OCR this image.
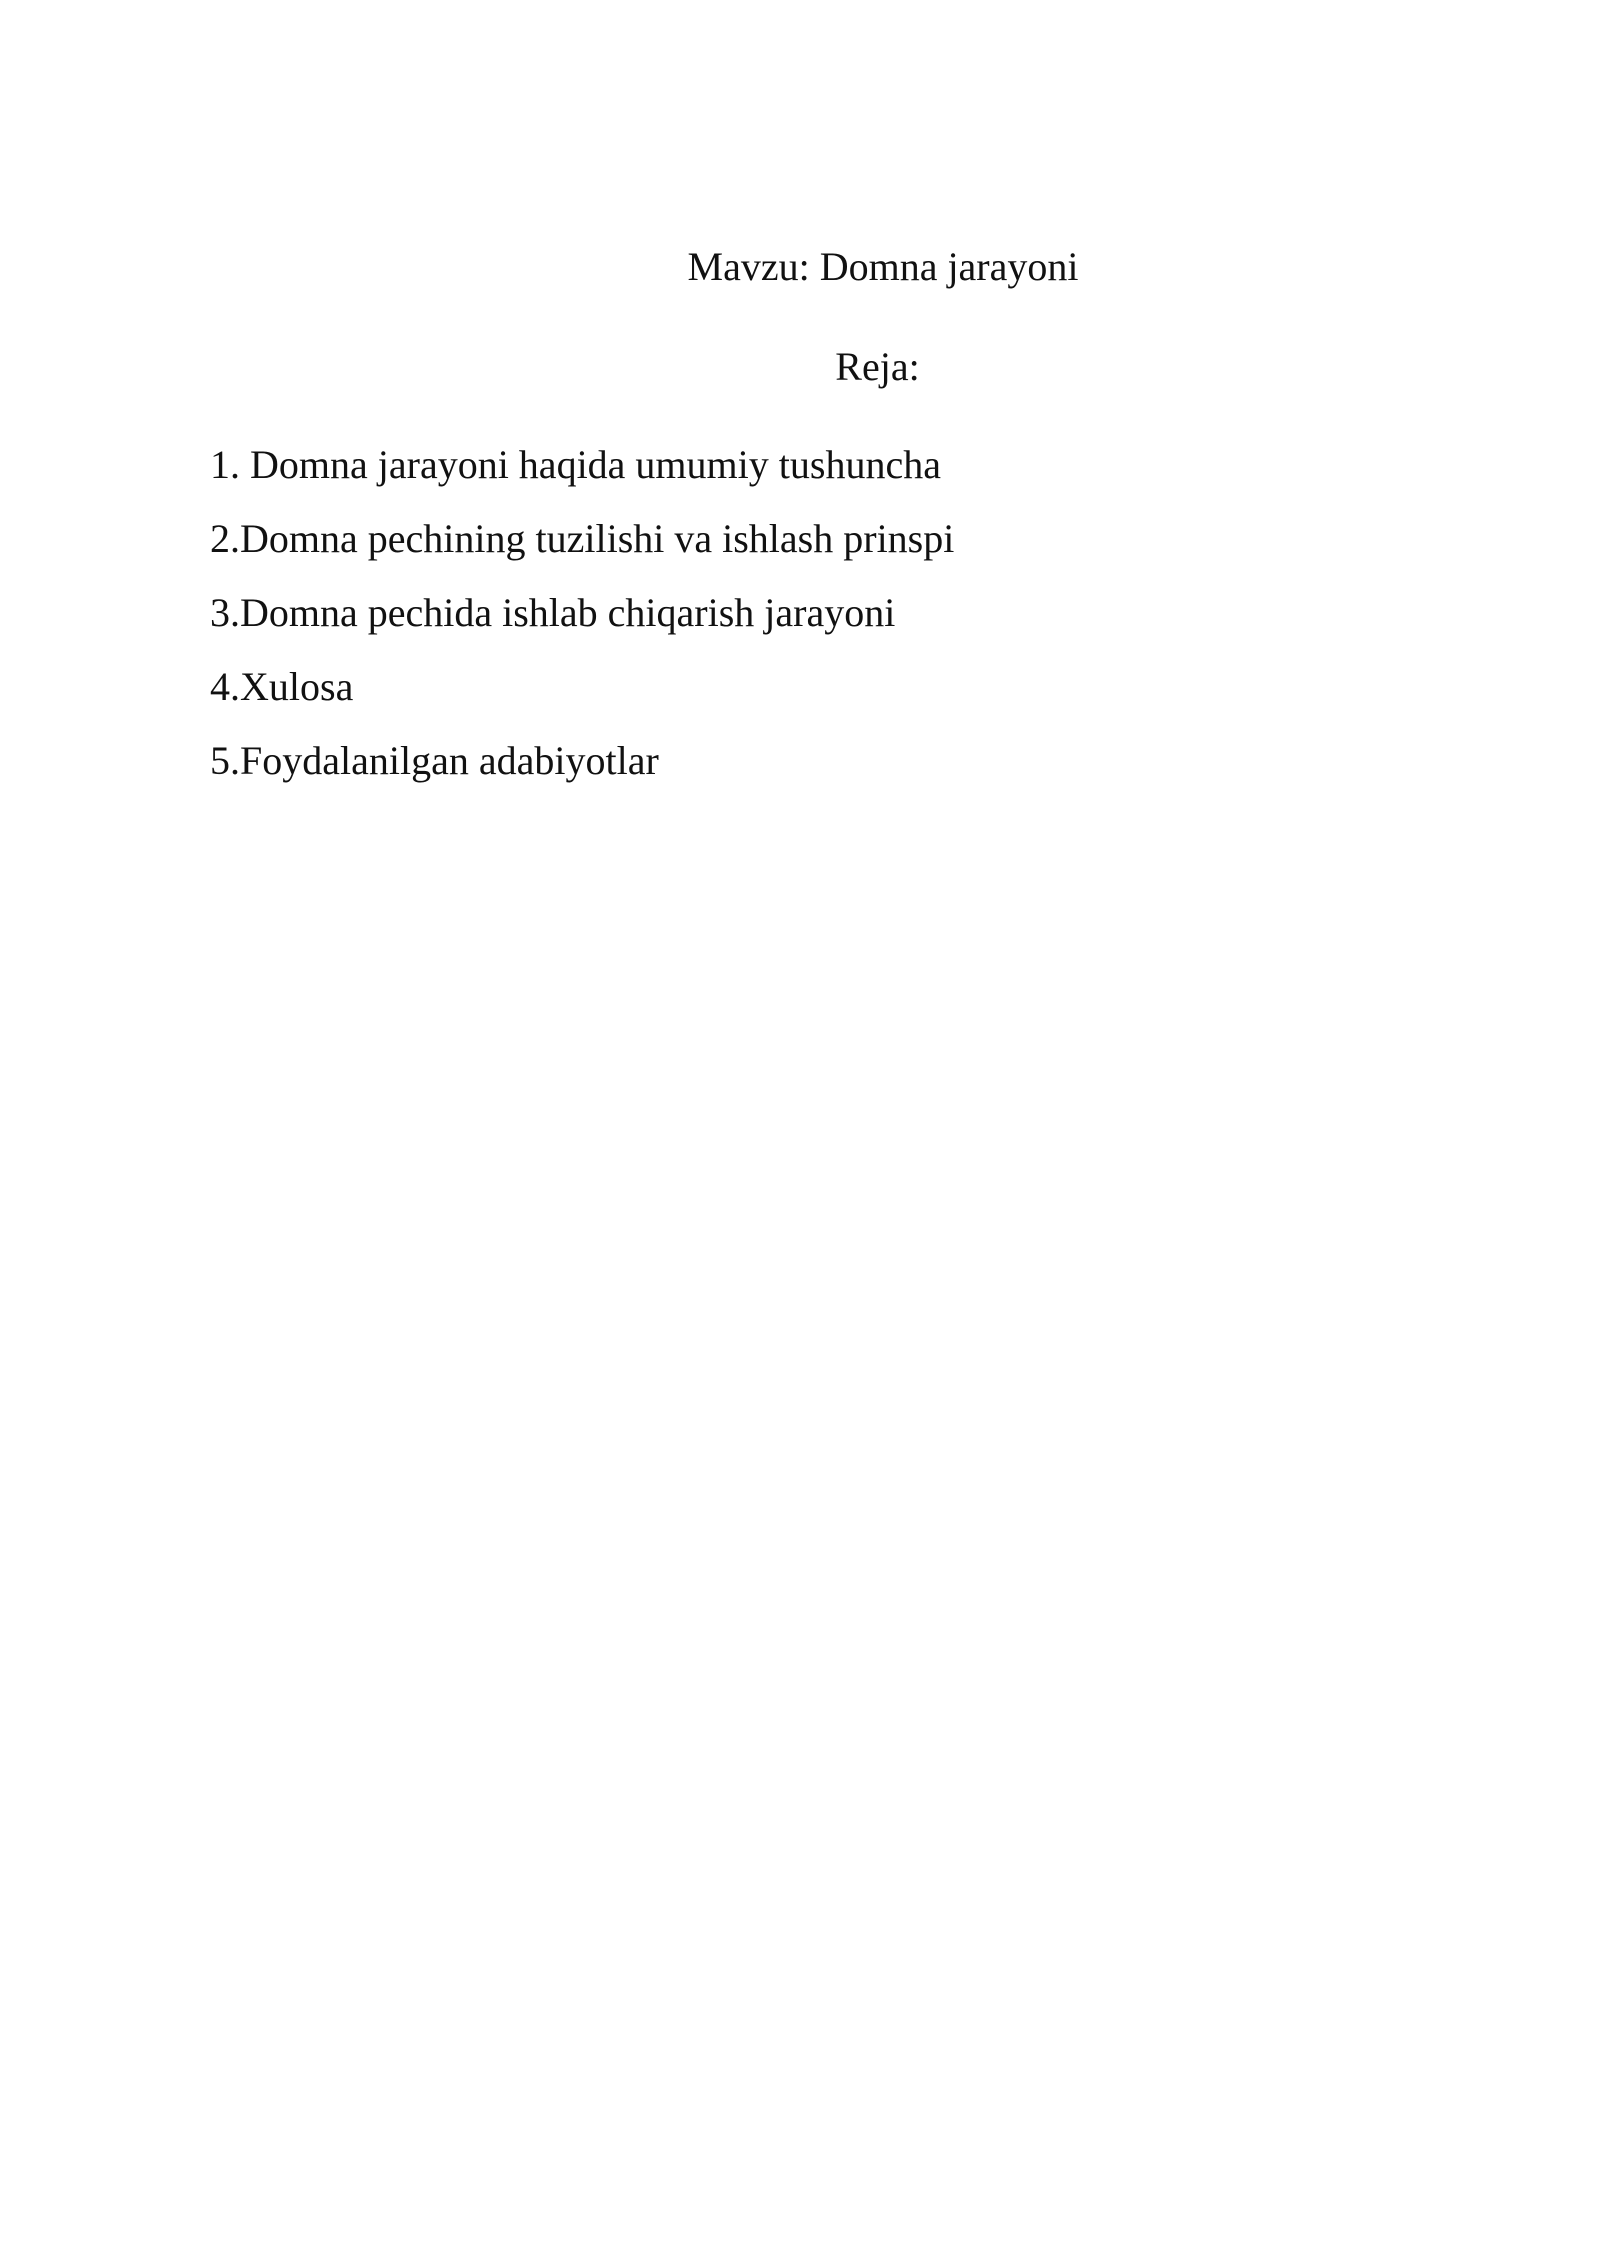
Mavzu: Domna jarayoni
Reja:
1. Domna jarayoni haqida umumiy tushuncha
2.Domna pechining tuzilishi va ishlash prinspi
3.Domna pechida ishlab chiqarish jarayoni
4.Xulosa
5.Foydalanilgan adabiyotlar
